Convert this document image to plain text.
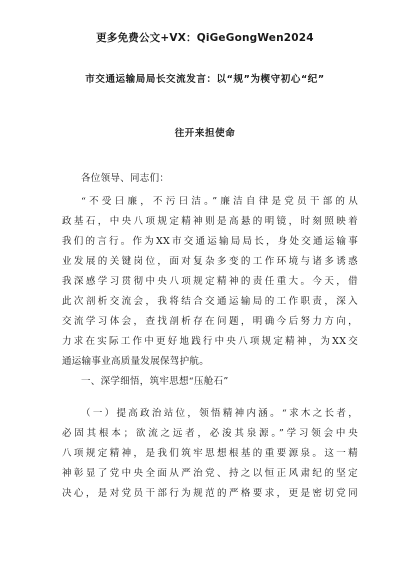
更多免费公文+VX：QiGeGongWen2024
市交通运输局局长交流发言：以“规”为楔守初心“纪”
往开来担使命
各位领导、同志们：
“不受曰廉，不污曰洁。”廉洁自律是党员干部的从
政基石，中央八项规定精神则是高悬的明镜，时刻照映着
我们的言行。作为XX市交通运输局局长，身处交通运输事
业发展的关键岗位，面对复杂多变的工作环境与诸多诱惑
我深感学习贯彻中央八项规定精神的责任重大。今天，借
此次剖析交流会，我将结合交通运输局的工作职责，深入
交流学习体会，查找剖析存在问题，明确今后努力方向，
力求在实际工作中更好地践行中央八项规定精神，为XX交
通运输事业高质量发展保驾护航。
一、深学细悟，筑牢思想“压舱石”
（一）提高政治站位，领悟精神内涵。“求木之长者，
必固其根本；欲流之远者，必浚其泉源。”学习领会中央
八项规定精神，是我们筑牢思想根基的重要源泉。这一精
神彰显了党中央全面从严治党、持之以恒正风肃纪的坚定
决心，是对党员干部行为规范的严格要求，更是密切党同
